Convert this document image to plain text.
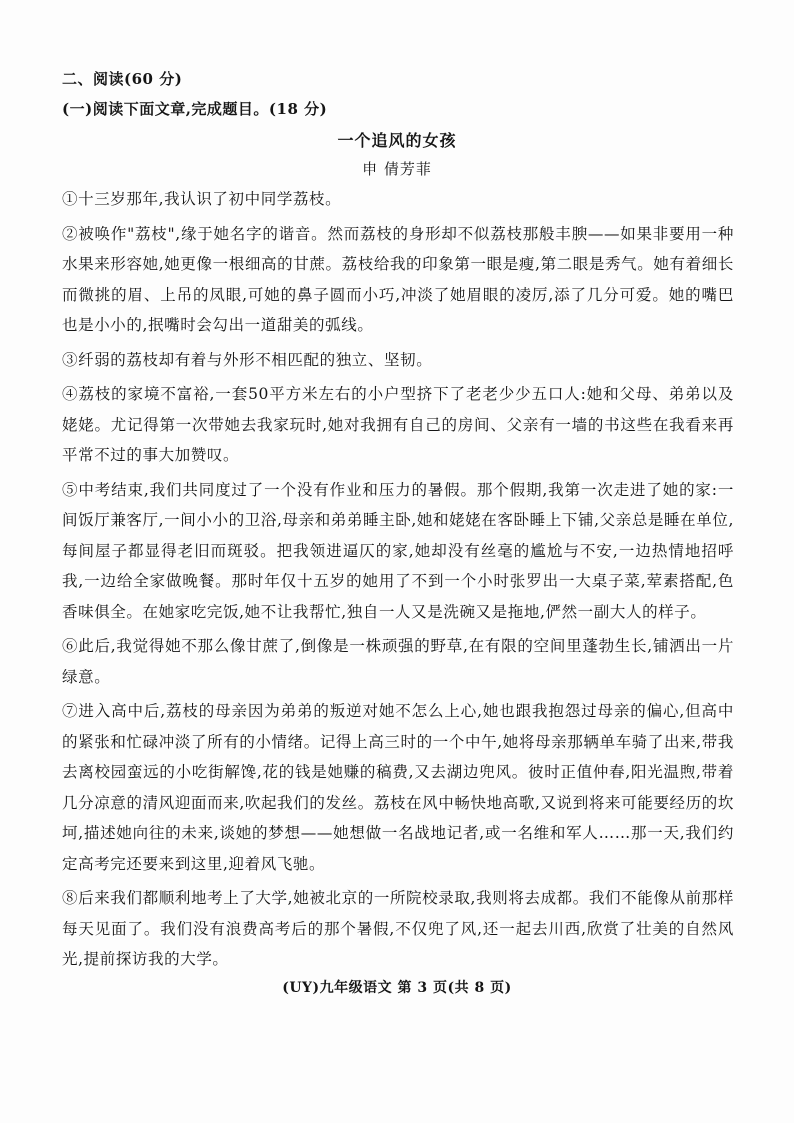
二、阅读(60 分)
(一)阅读下面文章,完成题目。(18 分)
一个追风的女孩
申 倩芳菲

①十三岁那年,我认识了初中同学荔枝。

②被唤作"荔枝",缘于她名字的谐音。然而荔枝的身形却不似荔枝那般丰腴——如果非要用一种水果来形容她,她更像一根细高的甘蔗。荔枝给我的印象第一眼是瘦,第二眼是秀气。她有着细长而微挑的眉、上吊的凤眼,可她的鼻子圆而小巧,冲淡了她眉眼的凌厉,添了几分可爱。她的嘴巴也是小小的,抿嘴时会勾出一道甜美的弧线。

③纤弱的荔枝却有着与外形不相匹配的独立、坚韧。

④荔枝的家境不富裕,一套50平方米左右的小户型挤下了老老少少五口人:她和父母、弟弟以及姥姥。尤记得第一次带她去我家玩时,她对我拥有自己的房间、父亲有一墙的书这些在我看来再平常不过的事大加赞叹。

⑤中考结束,我们共同度过了一个没有作业和压力的暑假。那个假期,我第一次走进了她的家:一间饭厅兼客厅,一间小小的卫浴,母亲和弟弟睡主卧,她和姥姥在客卧睡上下铺,父亲总是睡在单位,每间屋子都显得老旧而斑驳。把我领进逼仄的家,她却没有丝毫的尴尬与不安,一边热情地招呼我,一边给全家做晚餐。那时年仅十五岁的她用了不到一个小时张罗出一大桌子菜,荤素搭配,色香味俱全。在她家吃完饭,她不让我帮忙,独自一人又是洗碗又是拖地,俨然一副大人的样子。

⑥此后,我觉得她不那么像甘蔗了,倒像是一株顽强的野草,在有限的空间里蓬勃生长,铺洒出一片绿意。

⑦进入高中后,荔枝的母亲因为弟弟的叛逆对她不怎么上心,她也跟我抱怨过母亲的偏心,但高中的紧张和忙碌冲淡了所有的小情绪。记得上高三时的一个中午,她将母亲那辆单车骑了出来,带我去离校园蛮远的小吃街解馋,花的钱是她赚的稿费,又去湖边兜风。彼时正值仲春,阳光温煦,带着几分凉意的清风迎面而来,吹起我们的发丝。荔枝在风中畅快地高歌,又说到将来可能要经历的坎坷,描述她向往的未来,谈她的梦想——她想做一名战地记者,或一名维和军人……那一天,我们约定高考完还要来到这里,迎着风飞驰。

⑧后来我们都顺利地考上了大学,她被北京的一所院校录取,我则将去成都。我们不能像从前那样每天见面了。我们没有浪费高考后的那个暑假,不仅兜了风,还一起去川西,欣赏了壮美的自然风光,提前探访我的大学。

(UY)九年级语文 第 3 页(共 8 页)
